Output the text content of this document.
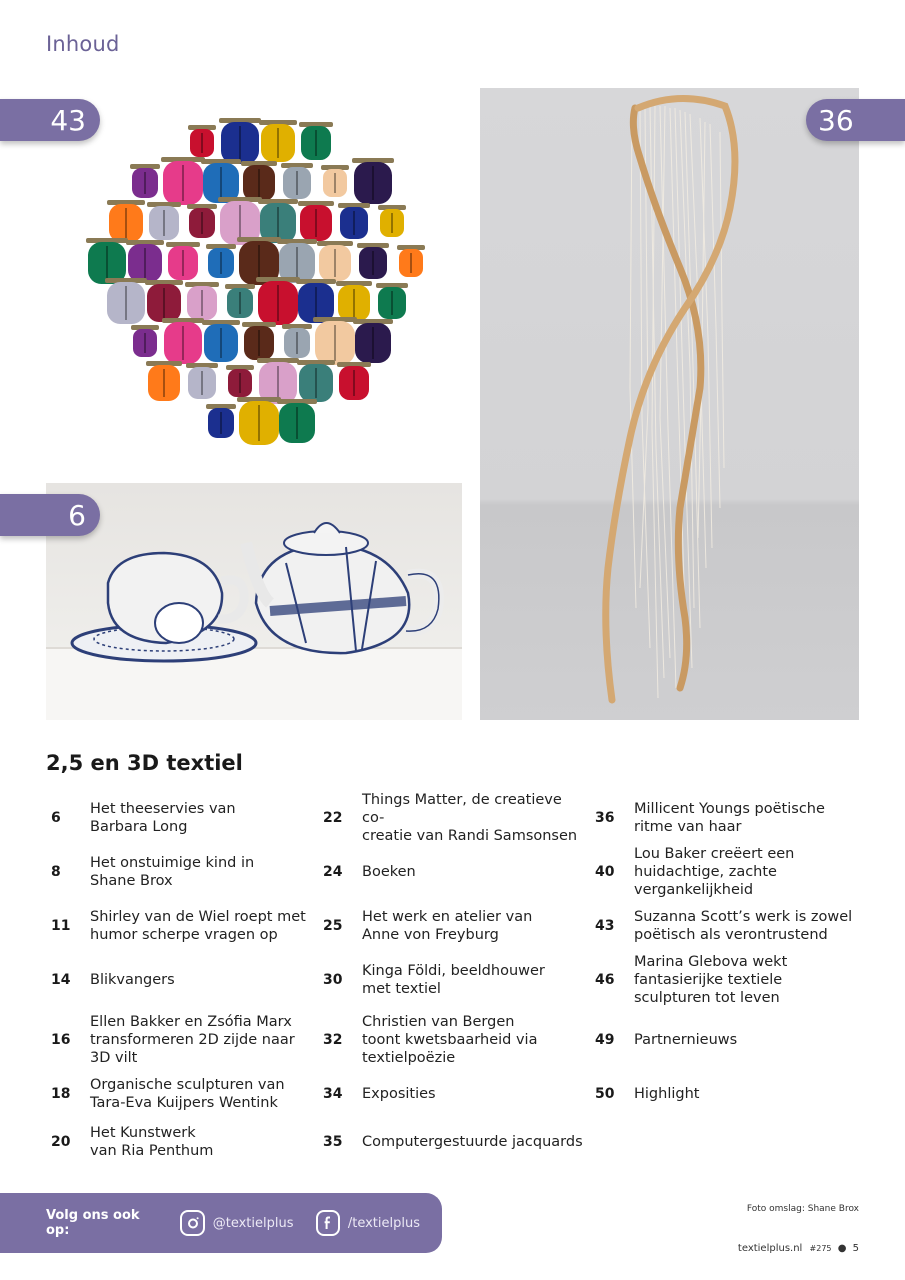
Inhoud
43	36
6
2,5 en 3D textiel
6
Het theeservies van
Barbara Long
8
Het onstuimige kind in
Shane Brox
11
Shirley van de Wiel roept met
humor scherpe vragen op
14	Blikvangers
16
Ellen Bakker en Zsófia Marx
transformeren 2D zijde naar
3D vilt
18
Organische sculpturen van
Tara-Eva Kuijpers Wentink
20
Het Kunstwerk
van Ria Penthum
22
Things Matter, de creatieve co-
creatie van Randi Samsonsen
24	Boeken
25
Het werk en atelier van
Anne von Freyburg
30
Kinga Földi, beeldhouwer
met textiel
32
Christien van Bergen
toont kwetsbaarheid via
textielpoëzie
34	Exposities
35	Computergestuurde jacquards
36
Millicent Youngs poëtische
ritme van haar
40
Lou Baker creëert een
huidachtige, zachte
vergankelijkheid
43
Suzanna Scott’s werk is zowel
poëtisch als verontrustend
46
Marina Glebova wekt
fantasierijke textiele
sculpturen tot leven
49	Partnernieuws
50	Highlight
Volg ons ook op:	@textielplus	/textielplus
Foto omslag: Shane Brox
textielplus.nl #275 ● 5
